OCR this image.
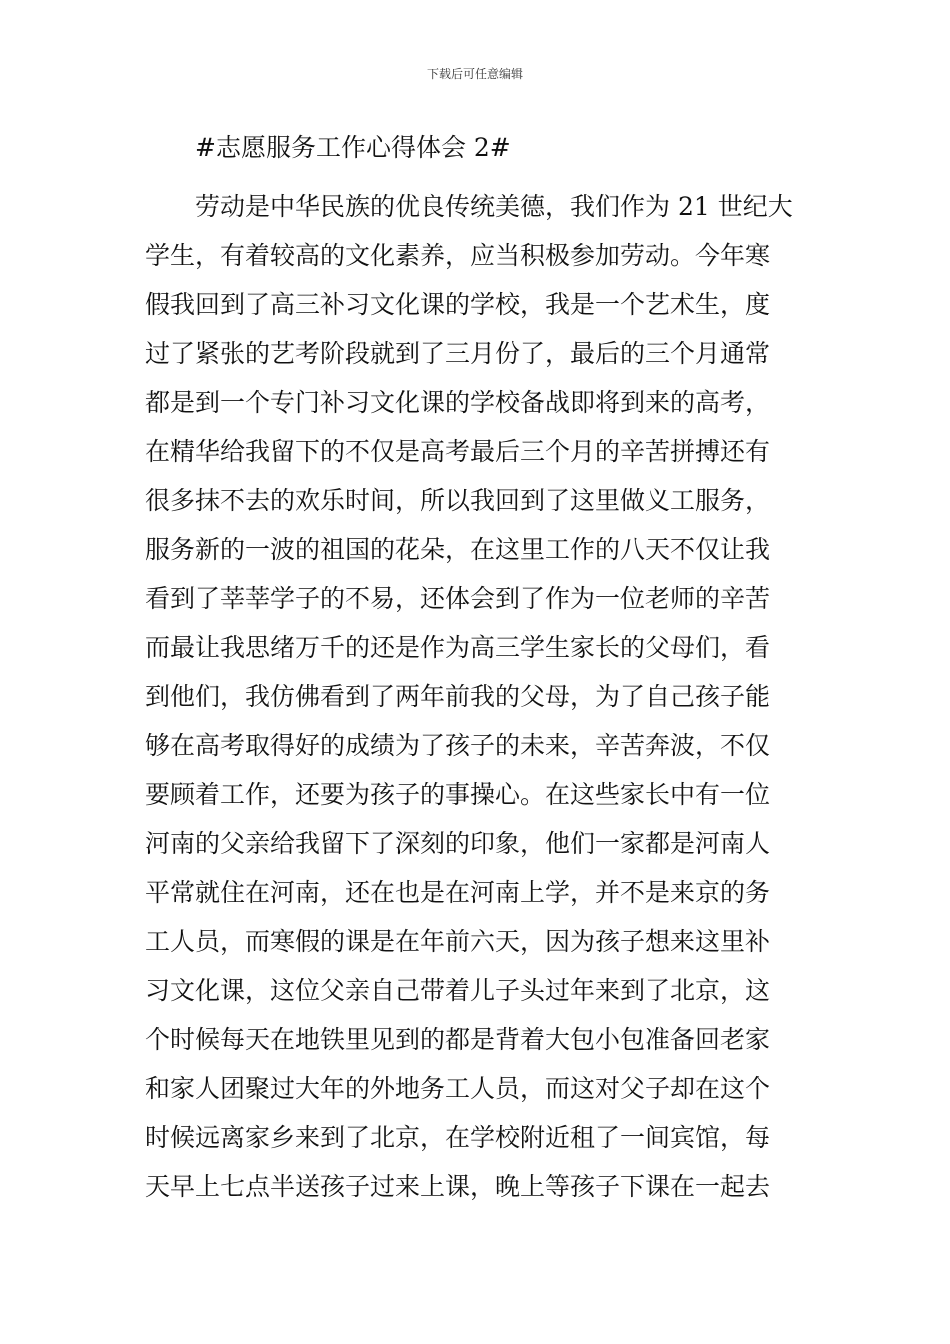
下载后可任意编辑
#志愿服务工作心得体会 2#
劳动是中华民族的优良传统美德，我们作为 21 世纪大
学生，有着较高的文化素养，应当积极参加劳动。今年寒
假我回到了高三补习文化课的学校，我是一个艺术生，度
过了紧张的艺考阶段就到了三月份了，最后的三个月通常
都是到一个专门补习文化课的学校备战即将到来的高考，
在精华给我留下的不仅是高考最后三个月的辛苦拼搏还有
很多抹不去的欢乐时间，所以我回到了这里做义工服务，
服务新的一波的祖国的花朵，在这里工作的八天不仅让我
看到了莘莘学子的不易，还体会到了作为一位老师的辛苦
而最让我思绪万千的还是作为高三学生家长的父母们，看
到他们，我仿佛看到了两年前我的父母，为了自己孩子能
够在高考取得好的成绩为了孩子的未来，辛苦奔波，不仅
要顾着工作，还要为孩子的事操心。在这些家长中有一位
河南的父亲给我留下了深刻的印象，他们一家都是河南人
平常就住在河南，还在也是在河南上学，并不是来京的务
工人员，而寒假的课是在年前六天，因为孩子想来这里补
习文化课，这位父亲自己带着儿子头过年来到了北京，这
个时候每天在地铁里见到的都是背着大包小包准备回老家
和家人团聚过大年的外地务工人员，而这对父子却在这个
时候远离家乡来到了北京，在学校附近租了一间宾馆，每
天早上七点半送孩子过来上课，晚上等孩子下课在一起去
